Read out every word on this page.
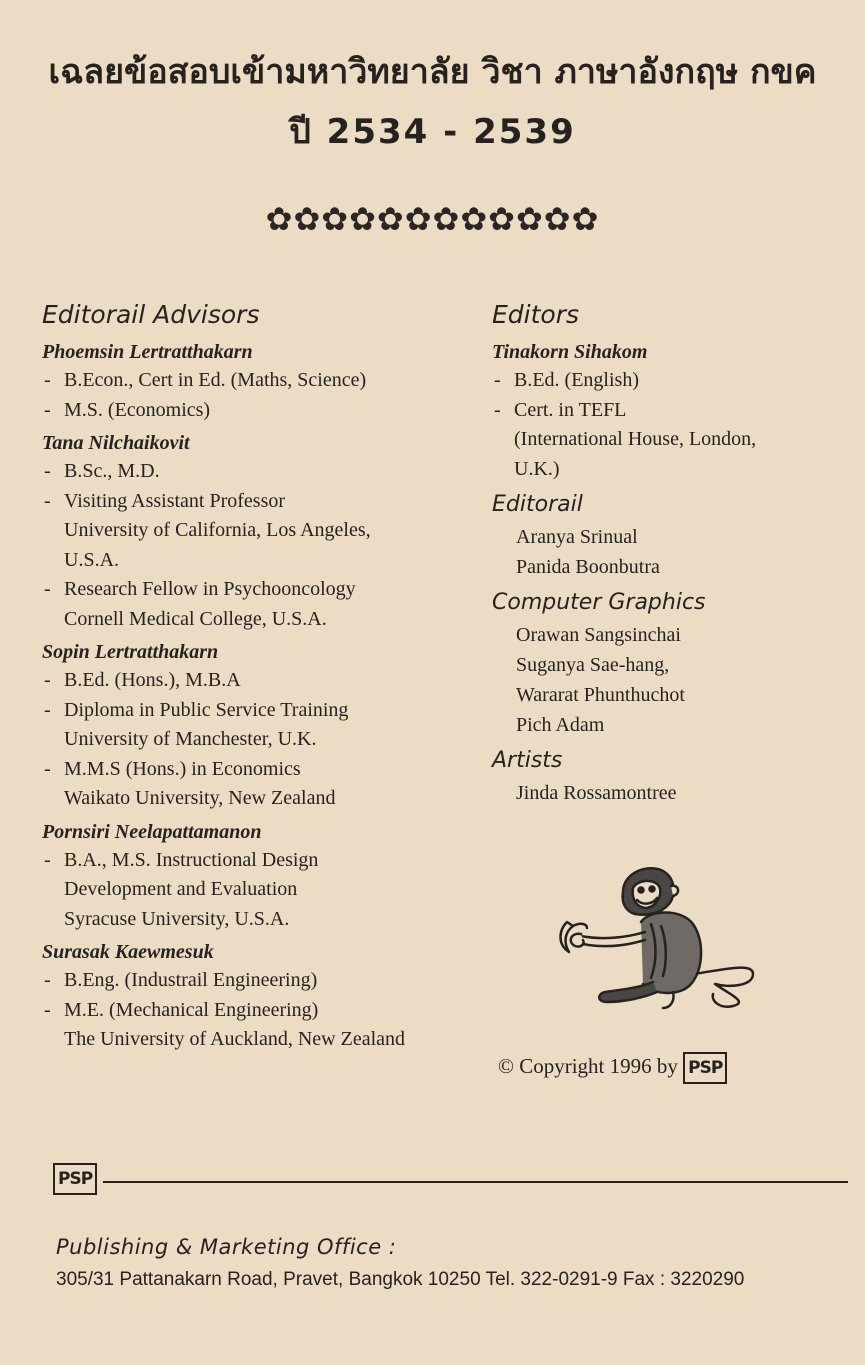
เฉลยข้อสอบเข้ามหาวิทยาลัย วิชา ภาษาอังกฤษ กขค
ปี 2534 - 2539
✿✿✿✿✿✿✿✿✿✿✿✿
Editorail Advisors
Phoemsin Lertratthakarn
- B.Econ., Cert in Ed. (Maths, Science)
- M.S. (Economics)
Tana Nilchaikovit
- B.Sc., M.D.
- Visiting Assistant Professor
University of California, Los Angeles,
U.S.A.
- Research Fellow in Psychooncology
Cornell Medical College, U.S.A.
Sopin Lertratthakarn
- B.Ed. (Hons.), M.B.A
- Diploma in Public Service Training
University of Manchester, U.K.
- M.M.S (Hons.) in Economics
Waikato University, New Zealand
Pornsiri Neelapattamanon
- B.A., M.S. Instructional Design
Development and Evaluation
Syracuse University, U.S.A.
Surasak Kaewmesuk
- B.Eng. (Industrail Engineering)
- M.E. (Mechanical Engineering)
The University of Auckland, New Zealand
Editors
Tinakorn Sihakom
- B.Ed. (English)
- Cert. in TEFL
(International House, London,
U.K.)
Editorail
Aranya Srinual
Panida Boonbutra
Computer Graphics
Orawan Sangsinchai
Suganya Sae-hang,
Wararat Phunthuchot
Pich Adam
Artists
Jinda Rossamontree
© Copyright 1996 by PSP
PSP
Publishing & Marketing Office :
305/31 Pattanakarn Road, Pravet, Bangkok 10250 Tel. 322-0291-9 Fax : 3220290
